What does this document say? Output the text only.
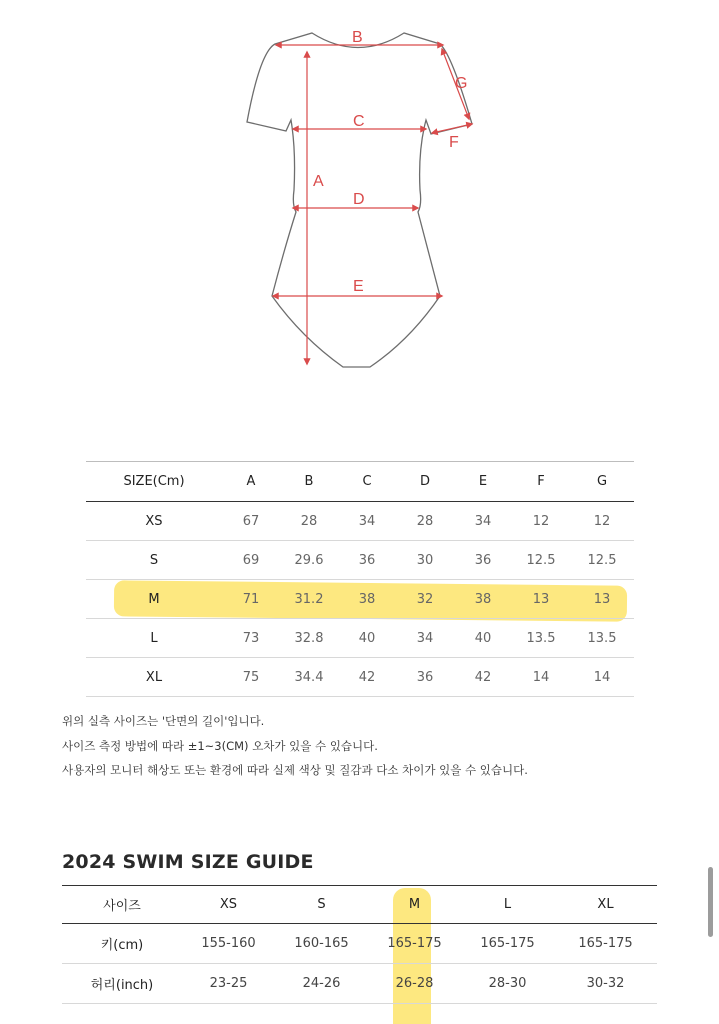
A
B
C
D
E
G
F
SIZE(Cm)	A	B	C	D	E	F	G
XS	67	28	34	28	34	12	12
S	69	29.6	36	30	36	12.5	12.5
M	71	31.2	38	32	38	13	13
L	73	32.8	40	34	40	13.5	13.5
XL	75	34.4	42	36	42	14	14
위의 실측 사이즈는 '단면의 길이'입니다.
사이즈 측정 방법에 따라 ±1~3(CM) 오차가 있을 수 있습니다.
사용자의 모니터 해상도 또는 환경에 따라 실제 색상 및 질감과 다소 차이가 있을 수 있습니다.
2024 SWIM SIZE GUIDE
사이즈	XS	S	M	L	XL
키(cm)	155-160	160-165	165-175	165-175	165-175
허리(inch)	23-25	24-26	26-28	28-30	30-32
